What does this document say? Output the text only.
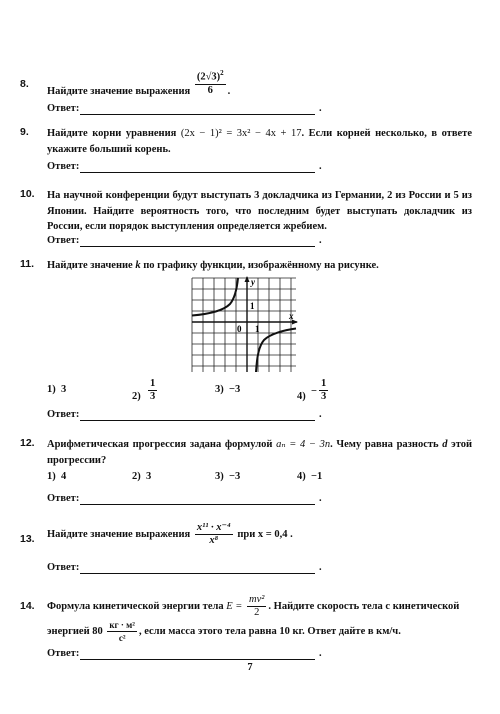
8.
Найдите значение выражения $\frac{(2√3)^2}{6}$ .
Ответ:	.
9. Найдите корни уравнения (2x − 1)² = 3x² − 4x + 17. Если корней несколько, в ответе укажите больший корень.
Ответ:	.
10. На научной конференции будут выступать 3 докладчика из Германии, 2 из России и 5 из Японии. Найдите вероятность того, что последним будет выступать докладчик из России, если порядок выступления определяется жребием.
Ответ:	.
11. Найдите значение k по графику функции, изображённому на рисунке.
y
x
0
1
1
1) 3
$2) \frac{1}{3}$	3) −3
$4) - \frac{1}{3}$
Ответ:	.
12. Арифметическая прогрессия задана формулой aₙ = 4 − 3n. Чему равна разность d этой прогрессии?
1) 4	2) 3	3) −3	4) −1
Ответ:	.
13. Найдите значение выражения $\frac{\text{x¹¹ · x⁻⁴}}{\text{x⁸}}$ при x = 0,4 .
Ответ:	.
14. Формула кинетической энергии тела $E = \frac{\text{mv²}}{2}$ . Найдите скорость тела с кинетической
энергией $80 \frac{\text{кг · м²}}{\text{с²}}$ , если масса этого тела равна 10 кг. Ответ дайте в км/ч.
Ответ:	.
7
